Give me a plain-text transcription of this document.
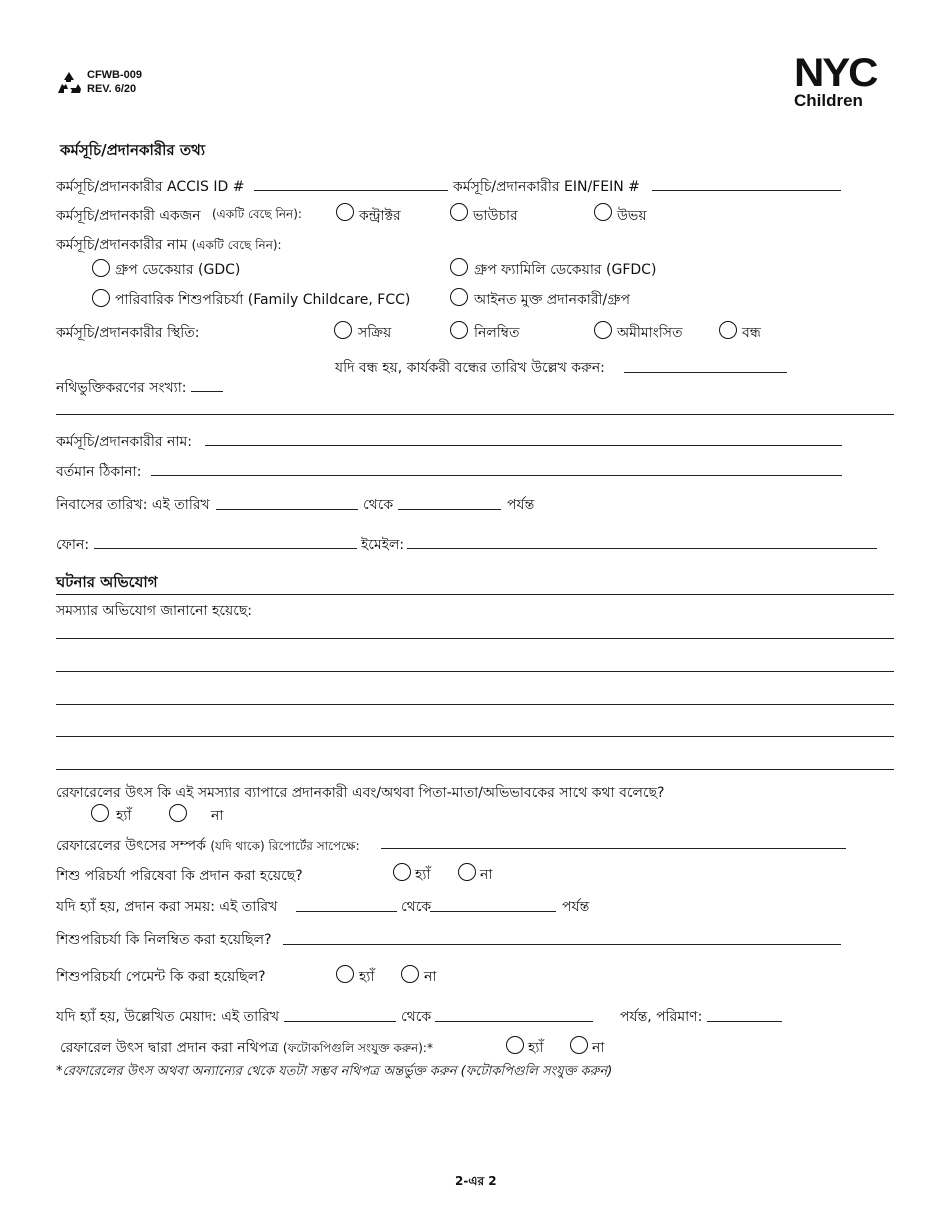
CFWB-009
REV. 6/20	NYC
Children
কর্মসূচি/প্রদানকারীর তথ্য
কর্মসূচি/প্রদানকারীর ACCIS ID #	কর্মসূচি/প্রদানকারীর EIN/FEIN #
কর্মসূচি/প্রদানকারী একজন (একটি বেছে নিন):	কন্ট্রাক্টর	ভাউচার	উভয়
কর্মসূচি/প্রদানকারীর নাম (একটি বেছে নিন):
গ্রুপ ডেকেয়ার (GDC)	গ্রুপ ফ্যামিলি ডেকেয়ার (GFDC)
পারিবারিক শিশুপরিচর্যা (Family Childcare, FCC)	আইনত মুক্ত প্রদানকারী/গ্রুপ
কর্মসূচি/প্রদানকারীর স্থিতি:	সক্রিয়	নিলম্বিত	অমীমাংসিত	বন্ধ
যদি বন্ধ হয়, কার্যকরী বন্ধের তারিখ উল্লেখ করুন:
নথিভুক্তিকরণের সংখ্যা:
কর্মসূচি/প্রদানকারীর নাম:
বর্তমান ঠিকানা:
নিবাসের তারিখ: এই তারিখ	থেকে	পর্যন্ত
ফোন:	ইমেইল:
ঘটনার অভিযোগ
সমস্যার অভিযোগ জানানো হয়েছে:
রেফারেলের উৎস কি এই সমস্যার ব্যাপারে প্রদানকারী এবং/অথবা পিতা-মাতা/অভিভাবকের সাথে কথা বলেছে?
হ্যাঁ	না
রেফারেলের উৎসের সম্পর্ক (যদি থাকে) রিপোর্টের সাপেক্ষে:
শিশু পরিচর্যা পরিষেবা কি প্রদান করা হয়েছে?	হ্যাঁ	না
যদি হ্যাঁ হয়, প্রদান করা সময়: এই তারিখ	থেকে	পর্যন্ত
শিশুপরিচর্যা কি নিলম্বিত করা হয়েছিল?
শিশুপরিচর্যা পেমেন্ট কি করা হয়েছিল?	হ্যাঁ	না
যদি হ্যাঁ হয়, উল্লেখিত মেয়াদ: এই তারিখ	থেকে	পর্যন্ত, পরিমাণ:
রেফারেল উৎস দ্বারা প্রদান করা নথিপত্র (ফটোকপিগুলি সংযুক্ত করুন):*	হ্যাঁ	না
*রেফারেলের উৎস অথবা অন্যান্যের থেকে যতটা সম্ভব নথিপত্র অন্তর্ভুক্ত করুন (ফটোকপিগুলি সংযুক্ত করুন)
2-এর 2
